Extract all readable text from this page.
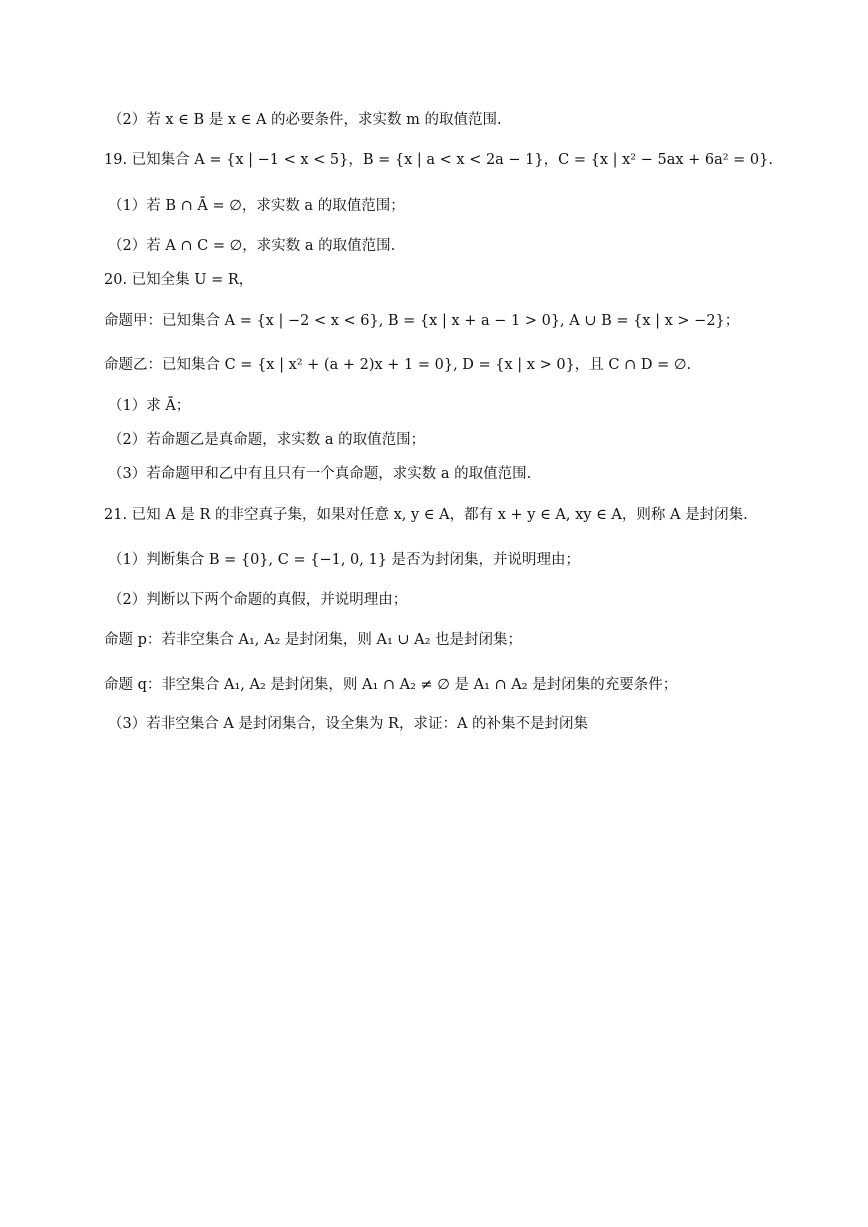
（2）若 x ∈ B 是 x ∈ A 的必要条件，求实数 m 的取值范围.
19. 已知集合 A = {x | −1 < x < 5}，B = {x | a < x < 2a − 1}，C = {x | x² − 5ax + 6a² = 0}.
（1）若 B ∩ Ā = ∅，求实数 a 的取值范围；
（2）若 A ∩ C = ∅，求实数 a 的取值范围.
20. 已知全集 U = R，
命题甲：已知集合 A = {x | −2 < x < 6}, B = {x | x + a − 1 > 0}, A ∪ B = {x | x > −2}；
命题乙：已知集合 C = {x | x² + (a + 2)x + 1 = 0}, D = {x | x > 0}，且 C ∩ D = ∅.
（1）求 Ā；
（2）若命题乙是真命题，求实数 a 的取值范围；
（3）若命题甲和乙中有且只有一个真命题，求实数 a 的取值范围.
21. 已知 A 是 R 的非空真子集，如果对任意 x, y ∈ A，都有 x + y ∈ A, xy ∈ A，则称 A 是封闭集.
（1）判断集合 B = {0}, C = {−1, 0, 1} 是否为封闭集，并说明理由；
（2）判断以下两个命题的真假，并说明理由；
命题 p：若非空集合 A₁, A₂ 是封闭集，则 A₁ ∪ A₂ 也是封闭集；
命题 q：非空集合 A₁, A₂ 是封闭集，则 A₁ ∩ A₂ ≠ ∅ 是 A₁ ∩ A₂ 是封闭集的充要条件；
（3）若非空集合 A 是封闭集合，设全集为 R，求证：A 的补集不是封闭集
